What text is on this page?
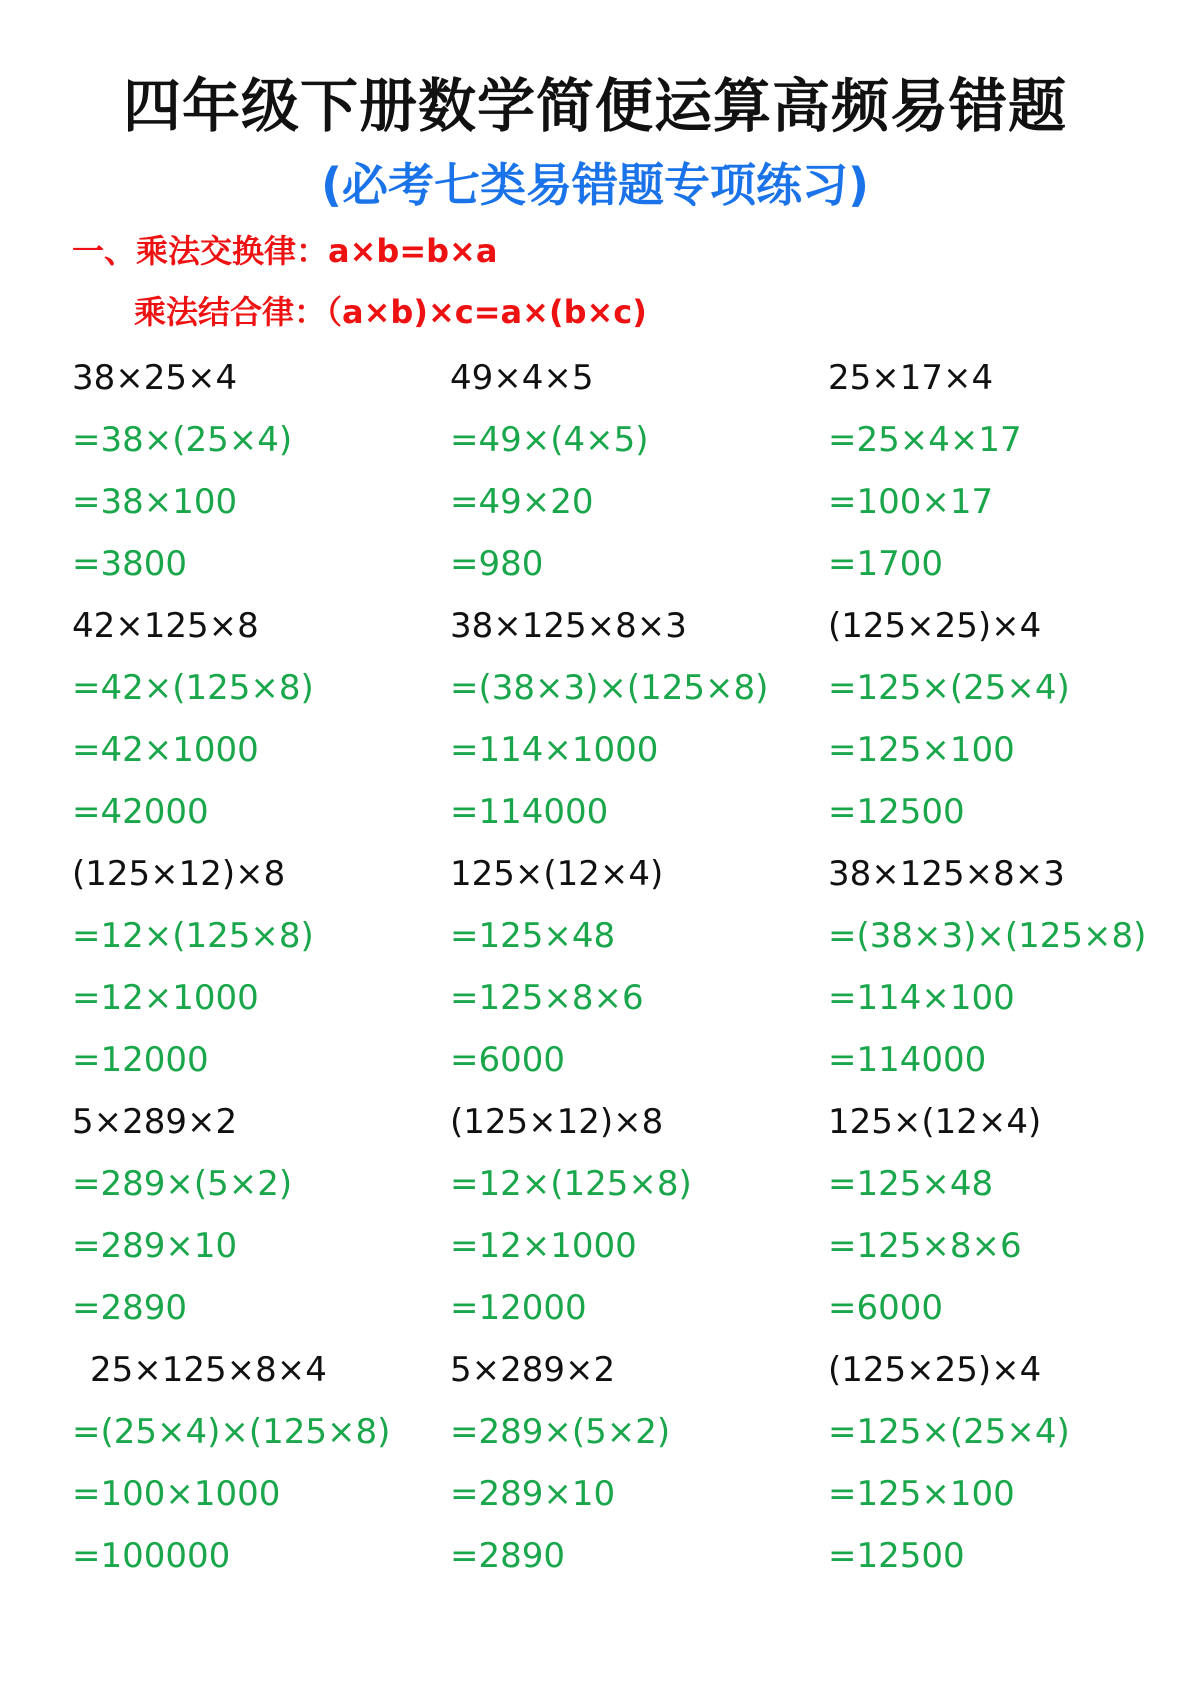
四年级下册数学简便运算高频易错题
(必考七类易错题专项练习)
一、乘法交换律：a×b=b×a
乘法结合律：（a×b)×c=a×(b×c)
38×25×4	49×4×5	25×17×4
=38×(25×4)	=49×(4×5)	=25×4×17
=38×100	=49×20	=100×17
=3800	=980	=1700
42×125×8	38×125×8×3	(125×25)×4
=42×(125×8)	=(38×3)×(125×8) =125×(25×4)
=42×1000	=114×1000	=125×100
=42000	=114000	=12500
(125×12)×8	125×(12×4)	38×125×8×3
=12×(125×8)	=125×48	=(38×3)×(125×8)
=12×1000	=125×8×6	=114×100
=12000	=6000	=114000
5×289×2	(125×12)×8	125×(12×4)
=289×(5×2)	=12×(125×8)	=125×48
=289×10	=12×1000	=125×8×6
=2890	=12000	=6000
25×125×8×4	5×289×2	(125×25)×4
=(25×4)×(125×8) =289×(5×2)	=125×(25×4)
=100×1000	=289×10	=125×100
=100000	=2890	=12500
